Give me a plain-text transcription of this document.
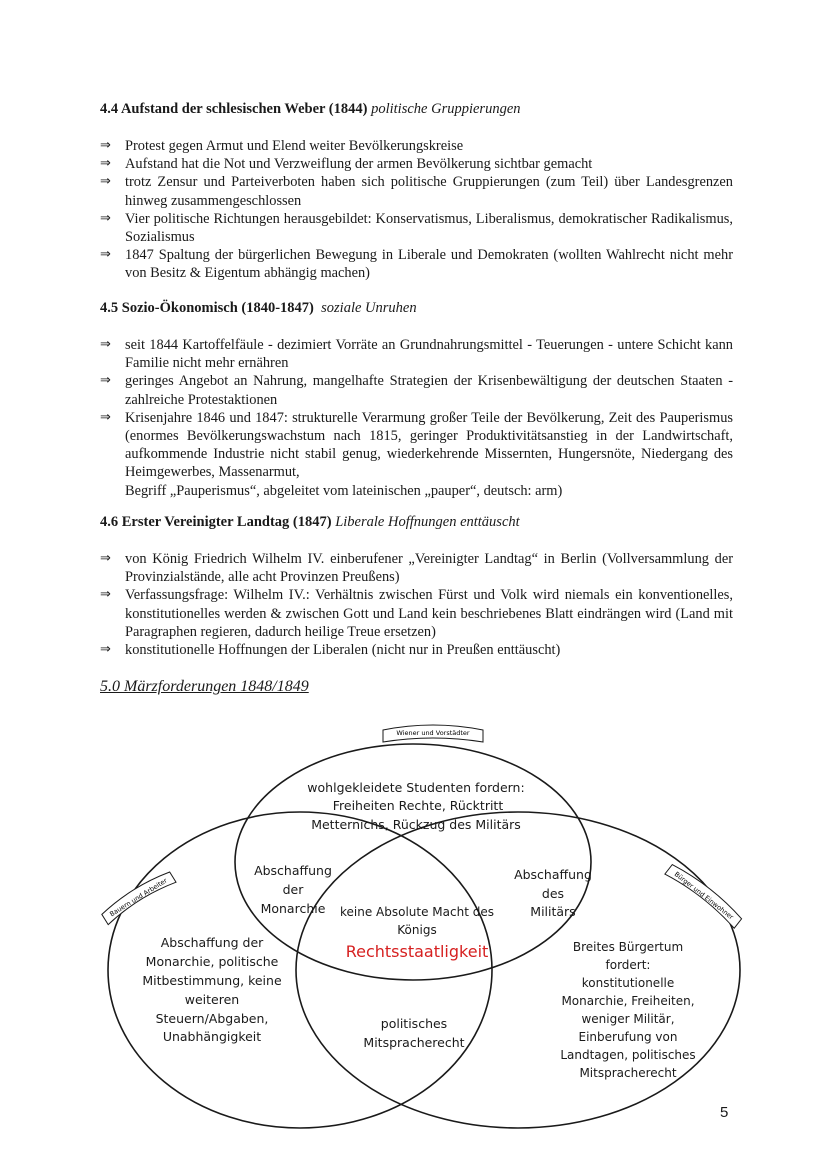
4.4 Aufstand der schlesischen Weber (1844) politische Gruppierungen
⇒ Protest gegen Armut und Elend weiter Bevölkerungskreise
⇒ Aufstand hat die Not und Verzweiflung der armen Bevölkerung sichtbar gemacht
⇒ trotz Zensur und Parteiverboten haben sich politische Gruppierungen (zum Teil) über Landesgrenzen hinweg zusammengeschlossen
⇒ Vier politische Richtungen herausgebildet: Konservatismus, Liberalismus, demokratischer Radikalismus, Sozialismus
⇒ 1847 Spaltung der bürgerlichen Bewegung in Liberale und Demokraten (wollten Wahlrecht nicht mehr von Besitz & Eigentum abhängig machen)
4.5 Sozio-Ökonomisch (1840-1847) soziale Unruhen
⇒ seit 1844 Kartoffelfäule - dezimiert Vorräte an Grundnahrungsmittel - Teuerungen - untere Schicht kann Familie nicht mehr ernähren
⇒ geringes Angebot an Nahrung, mangelhafte Strategien der Krisenbewältigung der deutschen Staaten - zahlreiche Protestaktionen
⇒ Krisenjahre 1846 und 1847: strukturelle Verarmung großer Teile der Bevölkerung, Zeit des Pauperismus (enormes Bevölkerungswachstum nach 1815, geringer Produktivitätsanstieg in der Landwirtschaft, aufkommende Industrie nicht stabil genug, wiederkehrende Missernten, Hungersnöte, Niedergang des Heimgewerbes, Massenarmut,
Begriff „Pauperismus“, abgeleitet vom lateinischen „pauper“, deutsch: arm)
4.6 Erster Vereinigter Landtag (1847) Liberale Hoffnungen enttäuscht
⇒ von König Friedrich Wilhelm IV. einberufener „Vereinigter Landtag“ in Berlin (Vollversammlung der Provinzialstände, alle acht Provinzen Preußens)
⇒ Verfassungsfrage: Wilhelm IV.: Verhältnis zwischen Fürst und Volk wird niemals ein konventionelles, konstitutionelles werden & zwischen Gott und Land kein beschriebenes Blatt eindrängen wird (Land mit Paragraphen regieren, dadurch heilige Treue ersetzen)
⇒ konstitutionelle Hoffnungen der Liberalen (nicht nur in Preußen enttäuscht)
5.0 Märzforderungen 1848/1849
Wiener und Vorstädter
Bauern und Arbeiter	Bürger und Einwohner
wohlgekleidete Studenten fordern:
Freiheiten Rechte, Rücktritt
Metternichs, Rückzug des Militärs
Abschaffung
der
Monarchie
Abschaffung
des
Militärs
keine Absolute Macht des
Königs
Rechtsstaatligkeit
Abschaffung der
Monarchie, politische
Mitbestimmung, keine
weiteren
Steuern/Abgaben,
Unabhängigkeit
politisches
Mitspracherecht
Breites Bürgertum
fordert:
konstitutionelle
Monarchie, Freiheiten,
weniger Militär,
Einberufung von
Landtagen, politisches
Mitspracherecht
5
